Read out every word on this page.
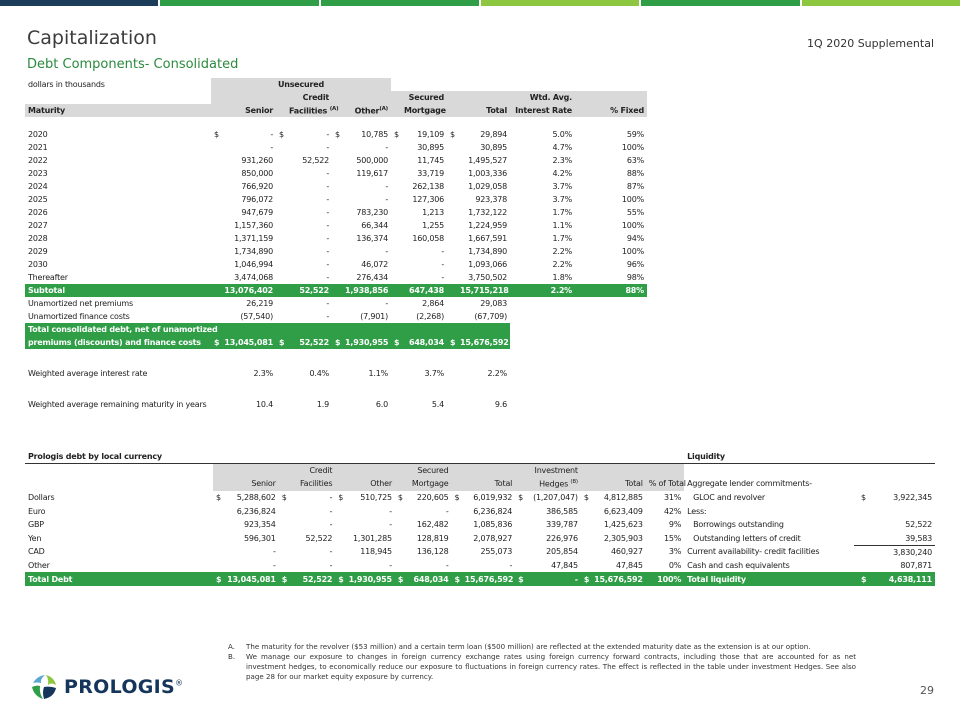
Capitalization
Debt Components- Consolidated
1Q 2020 Supplemental
dollars in thousands	Unsecured											
				Credit				Secured			Wtd. Avg.	
Maturity		Senior		Facilities $^{(A)}$		Other$^{(A)}$		Mortgage		Total	Interest Rate	% Fixed

2020	$	-	$	-	$	10,785	$	19,109	$	29,894	5.0%	59%
2021		-		-		-		30,895		30,895	4.7%	100%
2022		931,260		52,522		500,000		11,745		1,495,527	2.3%	63%
2023		850,000		-		119,617		33,719		1,003,336	4.2%	88%
2024		766,920		-		-		262,138		1,029,058	3.7%	87%
2025		796,072		-		-		127,306		923,378	3.7%	100%
2026		947,679		-		783,230		1,213		1,732,122	1.7%	55%
2027		1,157,360		-		66,344		1,255		1,224,959	1.1%	100%
2028		1,371,159		-		136,374		160,058		1,667,591	1.7%	94%
2029		1,734,890		-		-		-		1,734,890	2.2%	100%
2030		1,046,994		-		46,072		-		1,093,066	2.2%	96%
Thereafter		3,474,068		-		276,434		-		3,750,502	1.8%	98%
Subtotal		13,076,402		52,522		1,938,856		647,438		15,715,218	2.2%	88%
Unamortized net premiums		26,219		-		-		2,864		29,083		
Unamortized finance costs		(57,540)		-		(7,901)		(2,268)		(67,709)		
Total consolidated debt, net of unamortized												
premiums (discounts) and finance costs	$	13,045,081	$	52,522	$	1,930,955	$	648,034	$	15,676,592		

Weighted average interest rate		2.3%		0.4%		1.1%		3.7%		2.2%		

Weighted average remaining maturity in years		10.4		1.9		6.0		5.4		9.6		
Prologis debt by local currency																Liquidity	
				Credit				Secured				Investment					
		Senior		Facilities		Other		Mortgage		Total		Hedges $^{(B)}$		Total	% of Total	Aggregate lender commitments-	
Dollars	$	5,288,602	$	-	$	510,725	$	220,605	$	6,019,932	$	(1,207,047)	$	4,812,885	31%	GLOC and revolver	$ 3,922,345
Euro		6,236,824		-		-		-		6,236,824		386,585		6,623,409	42%	Less:	
GBP		923,354		-		-		162,482		1,085,836		339,787		1,425,623	9%	Borrowings outstanding	52,522
Yen		596,301		52,522		1,301,285		128,819		2,078,927		226,976		2,305,903	15%	Outstanding letters of credit	39,583
CAD		-		-		118,945		136,128		255,073		205,854		460,927	3%	Current availability- credit facilities	3,830,240
Other		-		-		-		-		-		47,845		47,845	0%	Cash and cash equivalents	807,871
Total Debt	$	13,045,081	$	52,522	$	1,930,955	$	648,034	$	15,676,592	$	-	$	15,676,592	100%	Total liquidity	$ 4,638,111
A.	The maturity for the revolver ($53 million) and a certain term loan ($500 million) are reflected at the extended maturity date as the extension is at our option.
B.	We manage our exposure to changes in foreign currency exchange rates using foreign currency forward contracts, including those that are accounted for as net investment hedges, to economically reduce our exposure to fluctuations in foreign currency rates. The effect is reflected in the table under investment Hedges. See also page 28 for our market equity exposure by currency.
PROLOGIS®
29
